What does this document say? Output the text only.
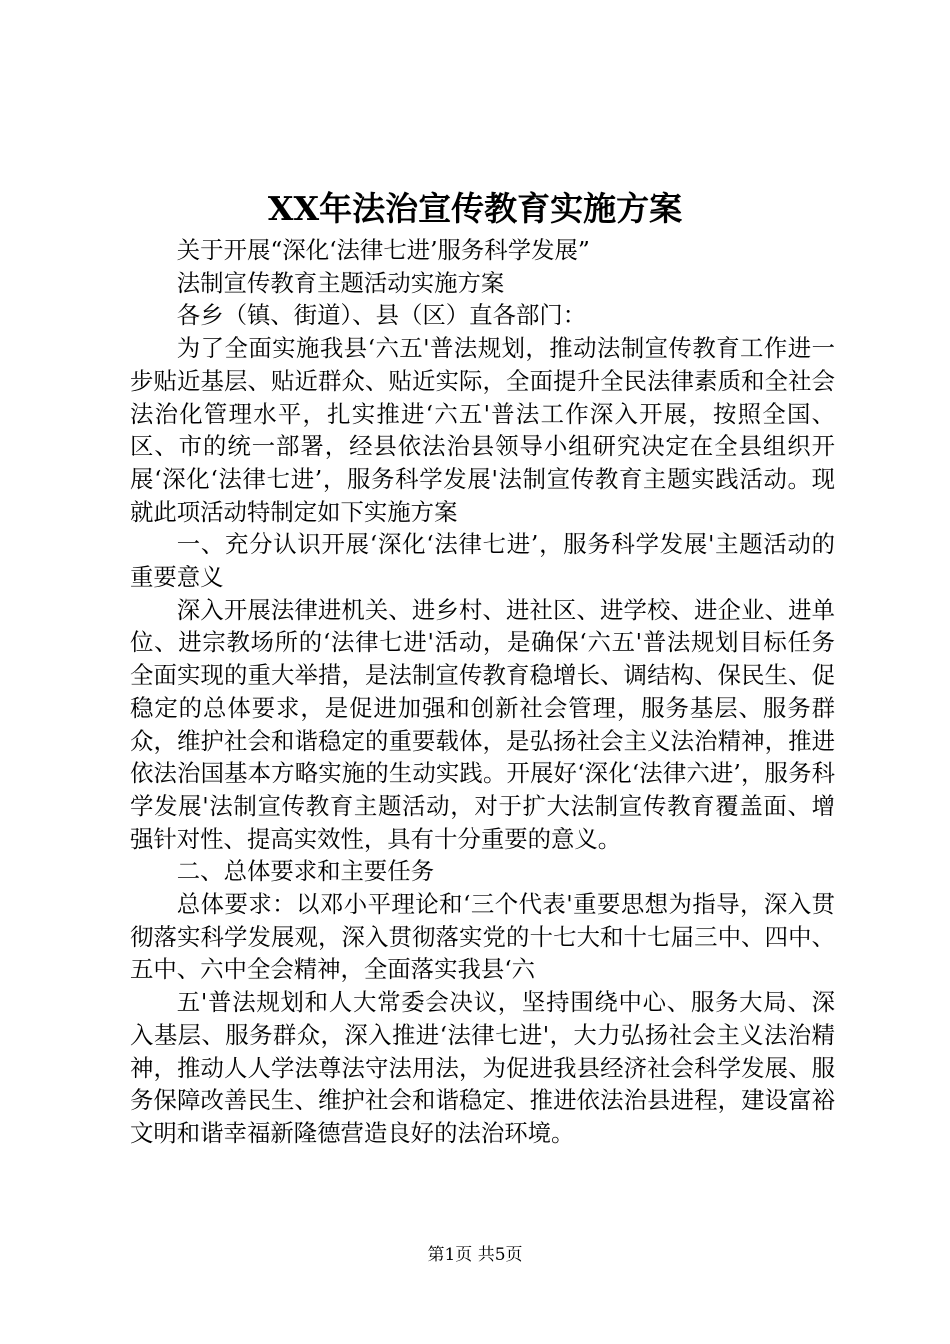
XX年法治宣传教育实施方案

关于开展“深化‘法律七进’服务科学发展”

法制宣传教育主题活动实施方案

各乡（镇、街道）、县（区）直各部门：

为了全面实施我县‘六五'普法规划，推动法制宣传教育工作进一步贴近基层、贴近群众、贴近实际，全面提升全民法律素质和全社会法治化管理水平，扎实推进‘六五'普法工作深入开展，按照全国、区、市的统一部署，经县依法治县领导小组研究决定在全县组织开展‘深化‘法律七进’，服务科学发展'法制宣传教育主题实践活动。现就此项活动特制定如下实施方案

一、充分认识开展‘深化‘法律七进’，服务科学发展'主题活动的重要意义

深入开展法律进机关、进乡村、进社区、进学校、进企业、进单位、进宗教场所的‘法律七进'活动，是确保‘六五'普法规划目标任务全面实现的重大举措，是法制宣传教育稳增长、调结构、保民生、促稳定的总体要求，是促进加强和创新社会管理，服务基层、服务群众，维护社会和谐稳定的重要载体，是弘扬社会主义法治精神，推进依法治国基本方略实施的生动实践。开展好‘深化‘法律六进’，服务科学发展'法制宣传教育主题活动，对于扩大法制宣传教育覆盖面、增强针对性、提高实效性，具有十分重要的意义。

二、总体要求和主要任务

总体要求：以邓小平理论和‘三个代表'重要思想为指导，深入贯彻落实科学发展观，深入贯彻落实党的十七大和十七届三中、四中、五中、六中全会精神，全面落实我县‘六

五'普法规划和人大常委会决议，坚持围绕中心、服务大局、深入基层、服务群众，深入推进‘法律七进'，大力弘扬社会主义法治精神，推动人人学法尊法守法用法，为促进我县经济社会科学发展、服务保障改善民生、维护社会和谐稳定、推进依法治县进程，建设富裕文明和谐幸福新隆德营造良好的法治环境。

第1页 共5页
